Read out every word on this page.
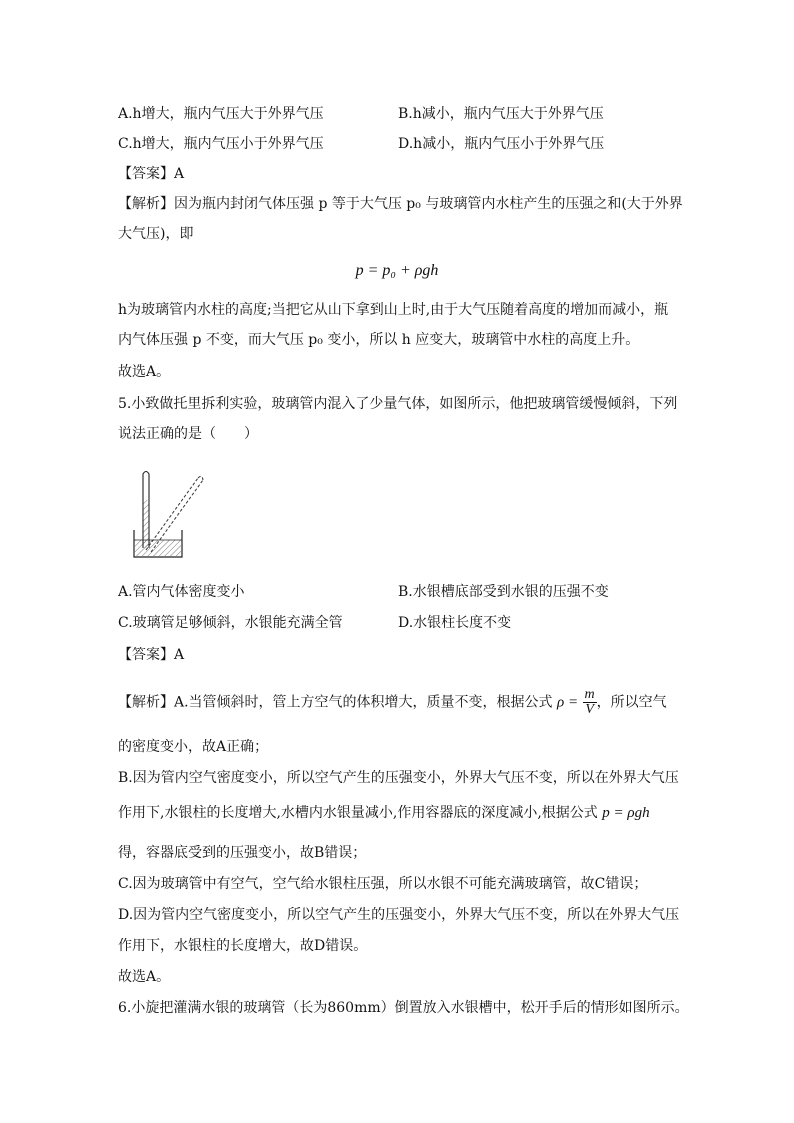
A.h增大，瓶内气压大于外界气压	B.h减小，瓶内气压大于外界气压
C.h增大，瓶内气压小于外界气压	D.h减小，瓶内气压小于外界气压
【答案】A
【解析】因为瓶内封闭气体压强 p 等于大气压 p₀ 与玻璃管内水柱产生的压强之和(大于外界
大气压)，即
p = p₀ + ρgh
h为玻璃管内水柱的高度;当把它从山下拿到山上时,由于大气压随着高度的增加而减小，瓶
内气体压强 p 不变，而大气压 p₀ 变小，所以 h 应变大，玻璃管中水柱的高度上升。
故选A。
5.小致做托里拆利实验，玻璃管内混入了少量气体，如图所示，他把玻璃管缓慢倾斜，下列
说法正确的是（　　）
A.管内气体密度变小	B.水银槽底部受到水银的压强不变
C.玻璃管足够倾斜，水银能充满全管	D.水银柱长度不变
【答案】A
【解析】A.当管倾斜时，管上方空气的体积增大，质量不变，根据公式 $\rho = \frac{m}{V}$ ，所以空气
的密度变小，故A正确；
B.因为管内空气密度变小，所以空气产生的压强变小，外界大气压不变，所以在外界大气压
作用下,水银柱的长度增大,水槽内水银量减小,作用容器底的深度减小,根据公式 p = ρgh
得，容器底受到的压强变小，故B错误；
C.因为玻璃管中有空气，空气给水银柱压强，所以水银不可能充满玻璃管，故C错误；
D.因为管内空气密度变小，所以空气产生的压强变小，外界大气压不变，所以在外界大气压
作用下，水银柱的长度增大，故D错误。
故选A。
6.小旋把灌满水银的玻璃管（长为860mm）倒置放入水银槽中，松开手后的情形如图所示。
